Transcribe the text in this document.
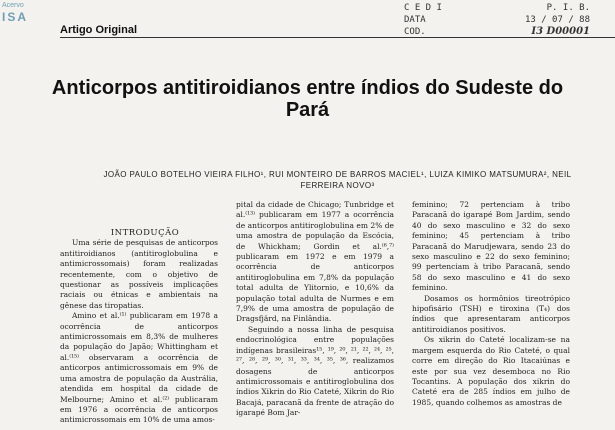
Acervo
ISA
Artigo Original
C E D I	P. I. B.
DATA	13 / 07 / 88
COD.	I3 D00001
Anticorpos antitiroidianos entre índios do Sudeste do Pará
JOÃO PAULO BOTELHO VIEIRA FILHO¹, RUI MONTEIRO DE BARROS MACIEL¹, LUIZA KIMIKO MATSUMURA², NEIL FERREIRA NOVO³

INTRODUÇÃO

Uma série de pesquisas de anticorpos antitiroidianos (antitiroglobulina e antimicrossomais) foram realizadas recentemente, com o objetivo de questionar as possíveis implicações raciais ou étnicas e ambientais na gênese das tiropatias.

Amino et al.⁽¹⁾ publicaram em 1978 a ocorrência de anticorpos antimicrossomais em 8,3% de mulheres da população do Japão; Whittingham et al.⁽¹⁵⁾ observaram a ocorrência de anticorpos antimicrossomais em 9% de uma amostra de população da Austrália, atendida em hospital da cidade de Melbourne; Amino et al.⁽²⁾ publicaram em 1976 a ocorrência de anticorpos antimicrossomais em 10% de uma amos-

pital da cidade de Chicago; Tunbridge et al.⁽¹³⁾ publicaram em 1977 a ocorrência de anticorpos antitiroglobulina em 2% de uma amostra de população da Escócia, de Whickham; Gordin et al.⁽⁶,⁷⁾ publicaram em 1972 e em 1979 a ocorrência de anticorpos antitiroglobulina em 7,8% da população total adulta de Ylitornio, e 10,6% da população total adulta de Nurmes e em 7,9% de uma amostra de população de Dragsfjärd, na Finlândia.

Seguindo a nossa linha de pesquisa endocrinológica entre populações indígenas brasileiras¹⁵, ¹⁹, ²⁰, ²¹, ²², ²⁴, ²⁵, ²⁷, ²⁸, ²⁹, ³⁰, ³¹, ³³, ³⁴, ³⁵, ³⁶, realizamos dosagens de anticorpos antimicrossomais e antitiroglobulina dos índios Xikrin do Rio Cateté, Xikrin do Rio Bacajá, paracanã da frente de atração do igarapé Bom Jar-

feminino; 72 pertenciam à tribo Paracanã do igarapé Bom Jardim, sendo 40 do sexo masculino e 32 do sexo feminino; 45 pertenciam à tribo Paracanã do Marudjewara, sendo 23 do sexo masculino e 22 do sexo feminino; 99 pertenciam à tribo Paracanã, sendo 58 do sexo masculino e 41 do sexo feminino.

Dosamos os hormônios tireotrópico hipofisário (TSH) e tiroxina (T₄) dos índios que apresentaram anticorpos antitiroidianos positivos.

Os xikrin do Cateté localizam-se na margem esquerda do Rio Cateté, o qual corre em direção do Rio Itacaiúnas e este por sua vez desemboca no Rio Tocantins. A população dos xikrin do Cateté era de 285 índios em julho de 1985, quando colhemos as amostras de
